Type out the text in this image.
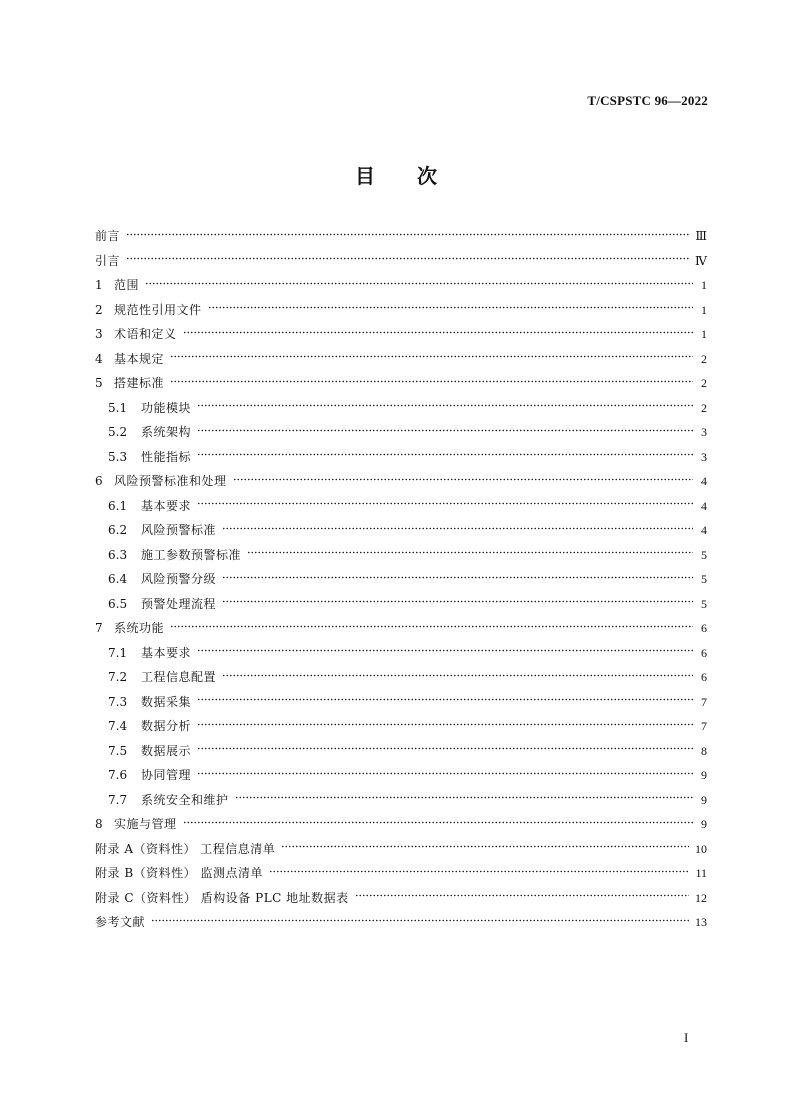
T/CSPSTC 96—2022
目 次
前言	Ⅲ
引言	Ⅳ
1 范围	1
2 规范性引用文件	1
3 术语和定义	1
4 基本规定	2
5 搭建标准	2
5.1	功能模块	2
5.2	系统架构	3
5.3	性能指标	3
6 风险预警标准和处理	4
6.1	基本要求	4
6.2	风险预警标准	4
6.3	施工参数预警标准	5
6.4	风险预警分级	5
6.5	预警处理流程	5
7 系统功能	6
7.1	基本要求	6
7.2	工程信息配置	6
7.3	数据采集	7
7.4	数据分析	7
7.5	数据展示	8
7.6	协同管理	9
7.7	系统安全和维护	9
8 实施与管理	9
附录 A（资料性） 工程信息清单	10
附录 B（资料性） 监测点清单	11
附录 C（资料性） 盾构设备 PLC 地址数据表	12
参考文献	13
I
